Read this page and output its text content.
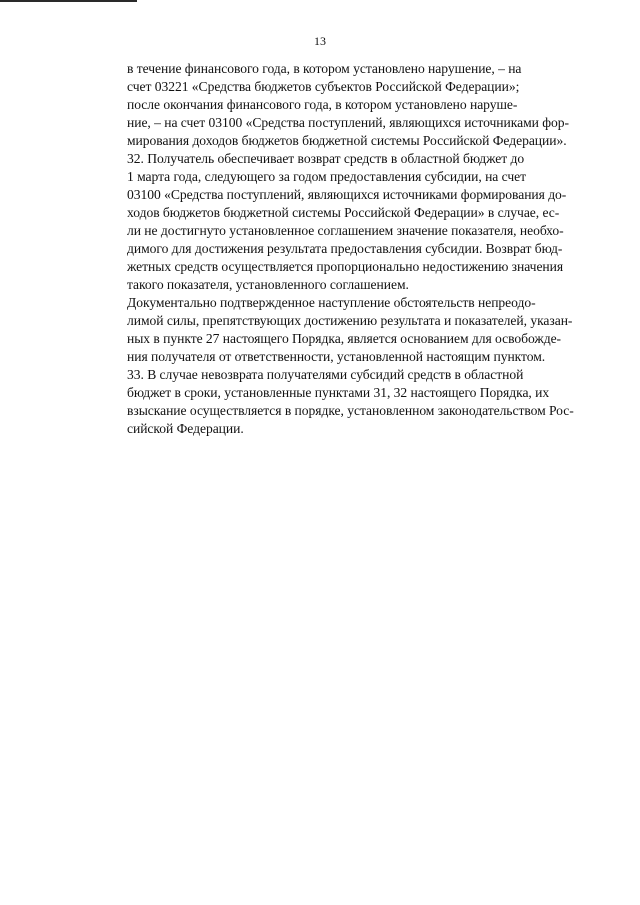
13

в течение финансового года, в котором установлено нарушение, – на
счет 03221 «Средства бюджетов субъектов Российской Федерации»;

после окончания финансового года, в котором установлено наруше-
ние, – на счет 03100 «Средства поступлений, являющихся источниками фор-
мирования доходов бюджетов бюджетной системы Российской Федерации».

32. Получатель обеспечивает возврат средств в областной бюджет до
1 марта года, следующего за годом предоставления субсидии, на счет
03100 «Средства поступлений, являющихся источниками формирования до-
ходов бюджетов бюджетной системы Российской Федерации» в случае, ес-
ли не достигнуто установленное соглашением значение показателя, необхо-
димого для достижения результата предоставления субсидии. Возврат бюд-
жетных средств осуществляется пропорционально недостижению значения
такого показателя, установленного соглашением.

Документально подтвержденное наступление обстоятельств непреодо-
лимой силы, препятствующих достижению результата и показателей, указан-
ных в пункте 27 настоящего Порядка, является основанием для освобожде-
ния получателя от ответственности, установленной настоящим пунктом.

33. В случае невозврата получателями субсидий средств в областной
бюджет в сроки, установленные пунктами 31, 32 настоящего Порядка, их
взыскание осуществляется в порядке, установленном законодательством Рос-
сийской Федерации.
